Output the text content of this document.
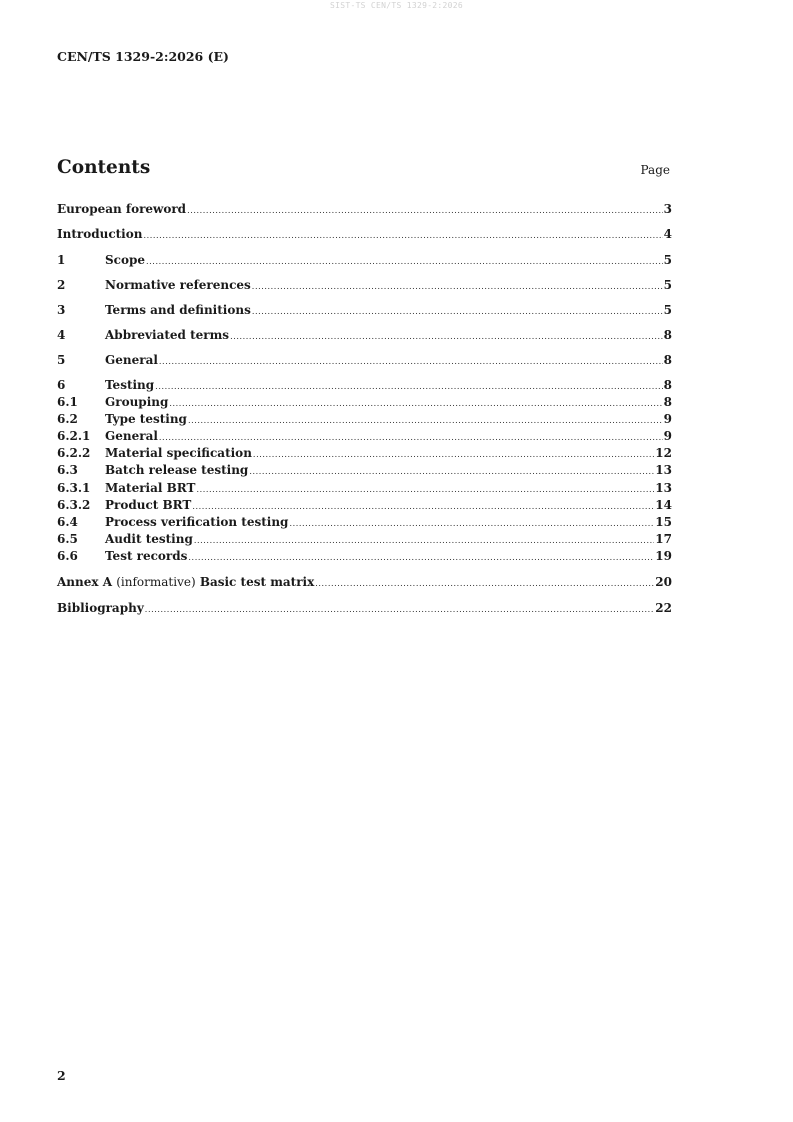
SIST-TS CEN/TS 1329-2:2026
CEN/TS 1329-2:2026 (E)
Contents	Page
European foreword .....	3
Introduction .....	4
1	Scope .....	5
2	Normative references .....	5
3	Terms and definitions .....	5
4	Abbreviated terms .....	8
5	General .....	8
6	Testing .....	8
6.1	Grouping .....	8
6.2	Type testing .....	9
6.2.1	General .....	9
6.2.2	Material specification .....	12
6.3	Batch release testing .....	13
6.3.1	Material BRT .....	13
6.3.2	Product BRT .....	14
6.4	Process verification testing .....	15
6.5	Audit testing .....	17
6.6	Test records .....	19
Annex A (informative) Basic test matrix .....	20
Bibliography .....	22
2
